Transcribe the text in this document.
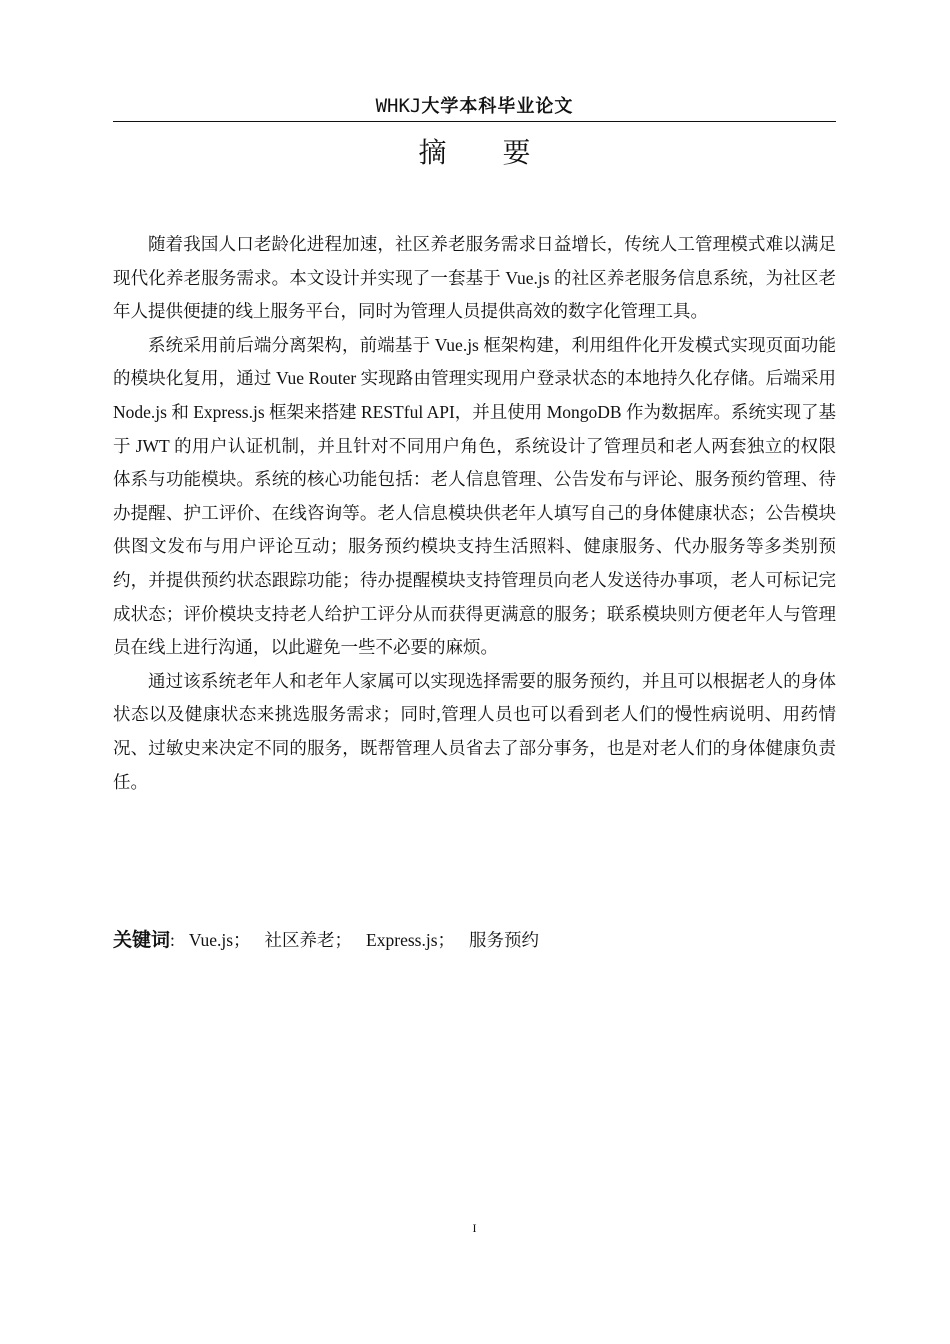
WHKJ大学本科毕业论文
摘要

随着我国人口老龄化进程加速，社区养老服务需求日益增长，传统人工管理模式难以满足现代化养老服务需求。本文设计并实现了一套基于 Vue.js 的社区养老服务信息系统，为社区老年人提供便捷的线上服务平台，同时为管理人员提供高效的数字化管理工具。

系统采用前后端分离架构，前端基于 Vue.js 框架构建，利用组件化开发模式实现页面功能的模块化复用，通过 Vue Router 实现路由管理实现用户登录状态的本地持久化存储。后端采用 Node.js 和 Express.js 框架来搭建 RESTful API，并且使用 MongoDB 作为数据库。系统实现了基于 JWT 的用户认证机制，并且针对不同用户角色，系统设计了管理员和老人两套独立的权限体系与功能模块。系统的核心功能包括：老人信息管理、公告发布与评论、服务预约管理、待办提醒、护工评价、在线咨询等。老人信息模块供老年人填写自己的身体健康状态；公告模块供图文发布与用户评论互动；服务预约模块支持生活照料、健康服务、代办服务等多类别预约，并提供预约状态跟踪功能；待办提醒模块支持管理员向老人发送待办事项，老人可标记完成状态；评价模块支持老人给护工评分从而获得更满意的服务；联系模块则方便老年人与管理员在线上进行沟通，以此避免一些不必要的麻烦。

通过该系统老年人和老年人家属可以实现选择需要的服务预约，并且可以根据老人的身体状态以及健康状态来挑选服务需求；同时,管理人员也可以看到老人们的慢性病说明、用药情况、过敏史来决定不同的服务，既帮管理人员省去了部分事务，也是对老人们的身体健康负责任。

关键词: Vue.js； 社区养老； Express.js； 服务预约
I
